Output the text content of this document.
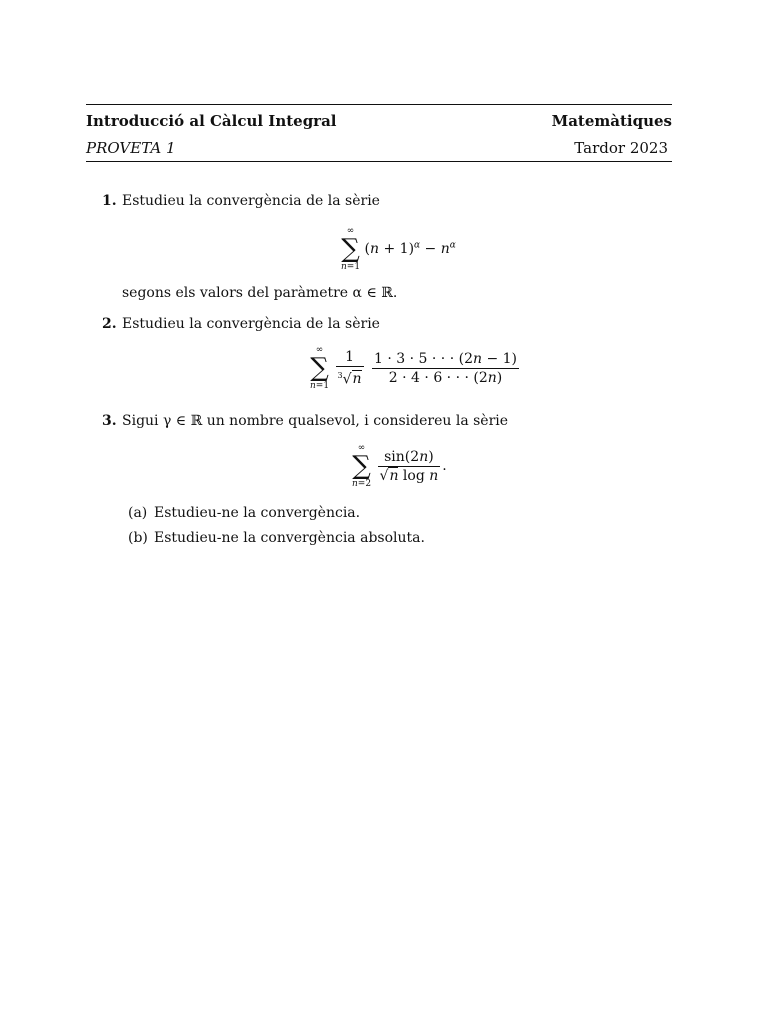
Introducció al Càlcul Integral	Matemàtiques
PROVETA 1	Tardor 2023
1. Estudieu la convergència de la sèrie
∞
∑
n=1
$(n + 1)^\alpha - n^\alpha$
segons els valors del paràmetre α ∈ ℝ.
2. Estudieu la convergència de la sèrie
∞
∑
n=1
$\frac{1}{^3√n}$
$\frac{1 \cdot 3 \cdot 5 \cdot \cdot \cdot (2n - 1)}{2 \cdot 4 \cdot 6 \cdot \cdot \cdot (2n)}$
3. Sigui γ ∈ ℝ un nombre qualsevol, i considereu la sèrie
∞
∑
n=2
$\frac{\sin(2n)}{\text{√n log n}}$ .
(a) Estudieu-ne la convergència.
(b) Estudieu-ne la convergència absoluta.
